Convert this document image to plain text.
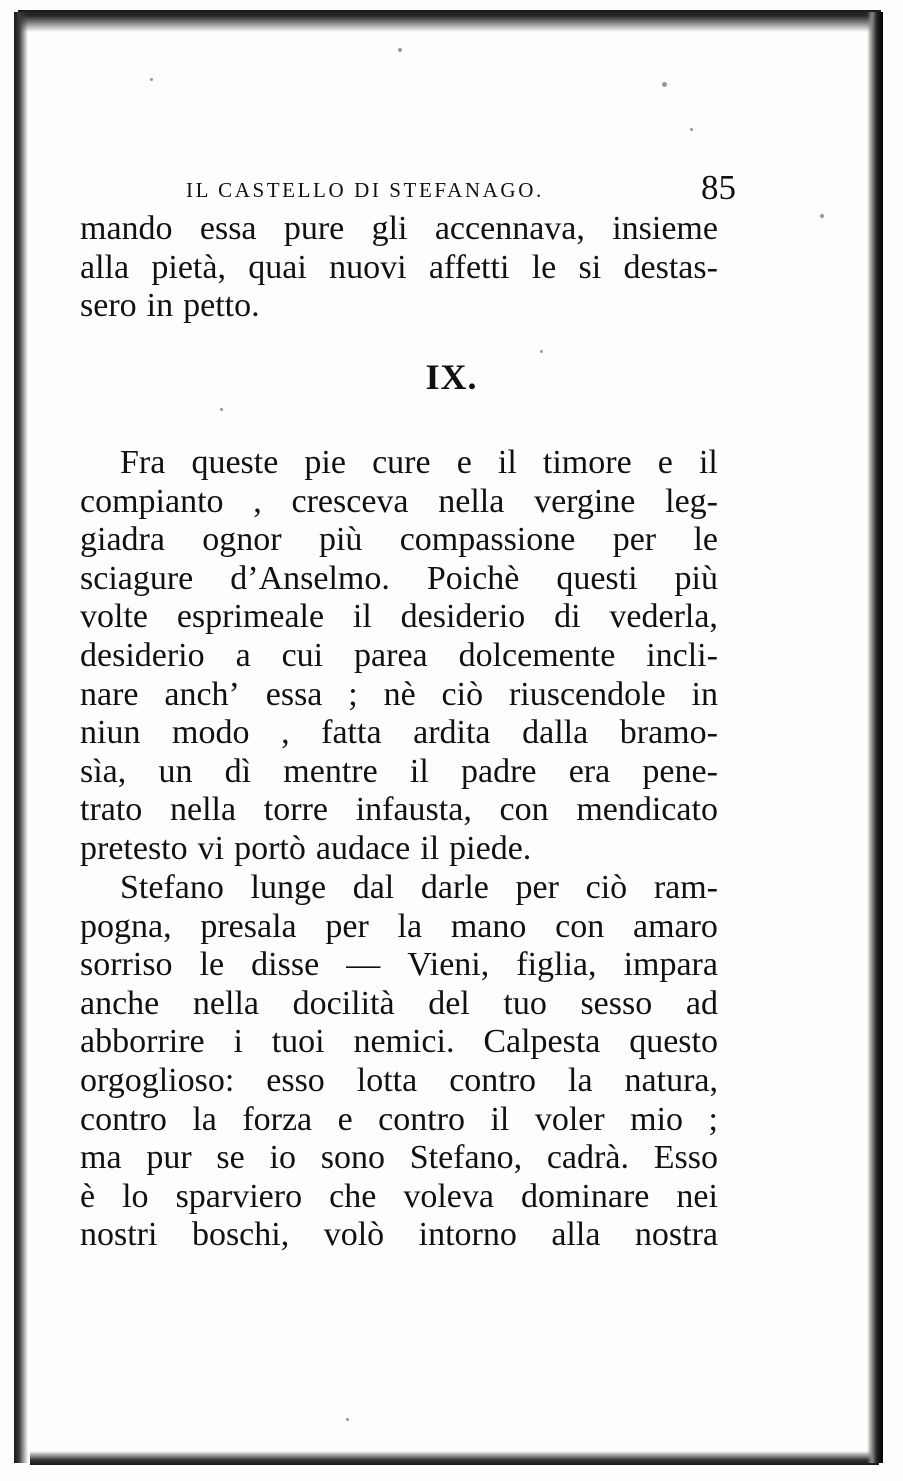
IL CASTELLO DI STEFANAGO.	85
mando essa pure gli accennava, insieme
alla pietà, quai nuovi affetti le si destas-
sero in petto.
IX.
Fra queste pie cure e il timore e il
compianto , cresceva nella vergine leg-
giadra ognor più compassione per le
sciagure d’Anselmo. Poichè questi più
volte esprimeale il desiderio di vederla,
desiderio a cui parea dolcemente incli-
nare anch’ essa ; nè ciò riuscendole in
niun modo , fatta ardita dalla bramo-
sìa, un dì mentre il padre era pene-
trato nella torre infausta, con mendicato
pretesto vi portò audace il piede.
Stefano lunge dal darle per ciò ram-
pogna, presala per la mano con amaro
sorriso le disse — Vieni, figlia, impara
anche nella docilità del tuo sesso ad
abborrire i tuoi nemici. Calpesta questo
orgoglioso: esso lotta contro la natura,
contro la forza e contro il voler mio ;
ma pur se io sono Stefano, cadrà. Esso
è lo sparviero che voleva dominare nei
nostri boschi, volò intorno alla nostra
